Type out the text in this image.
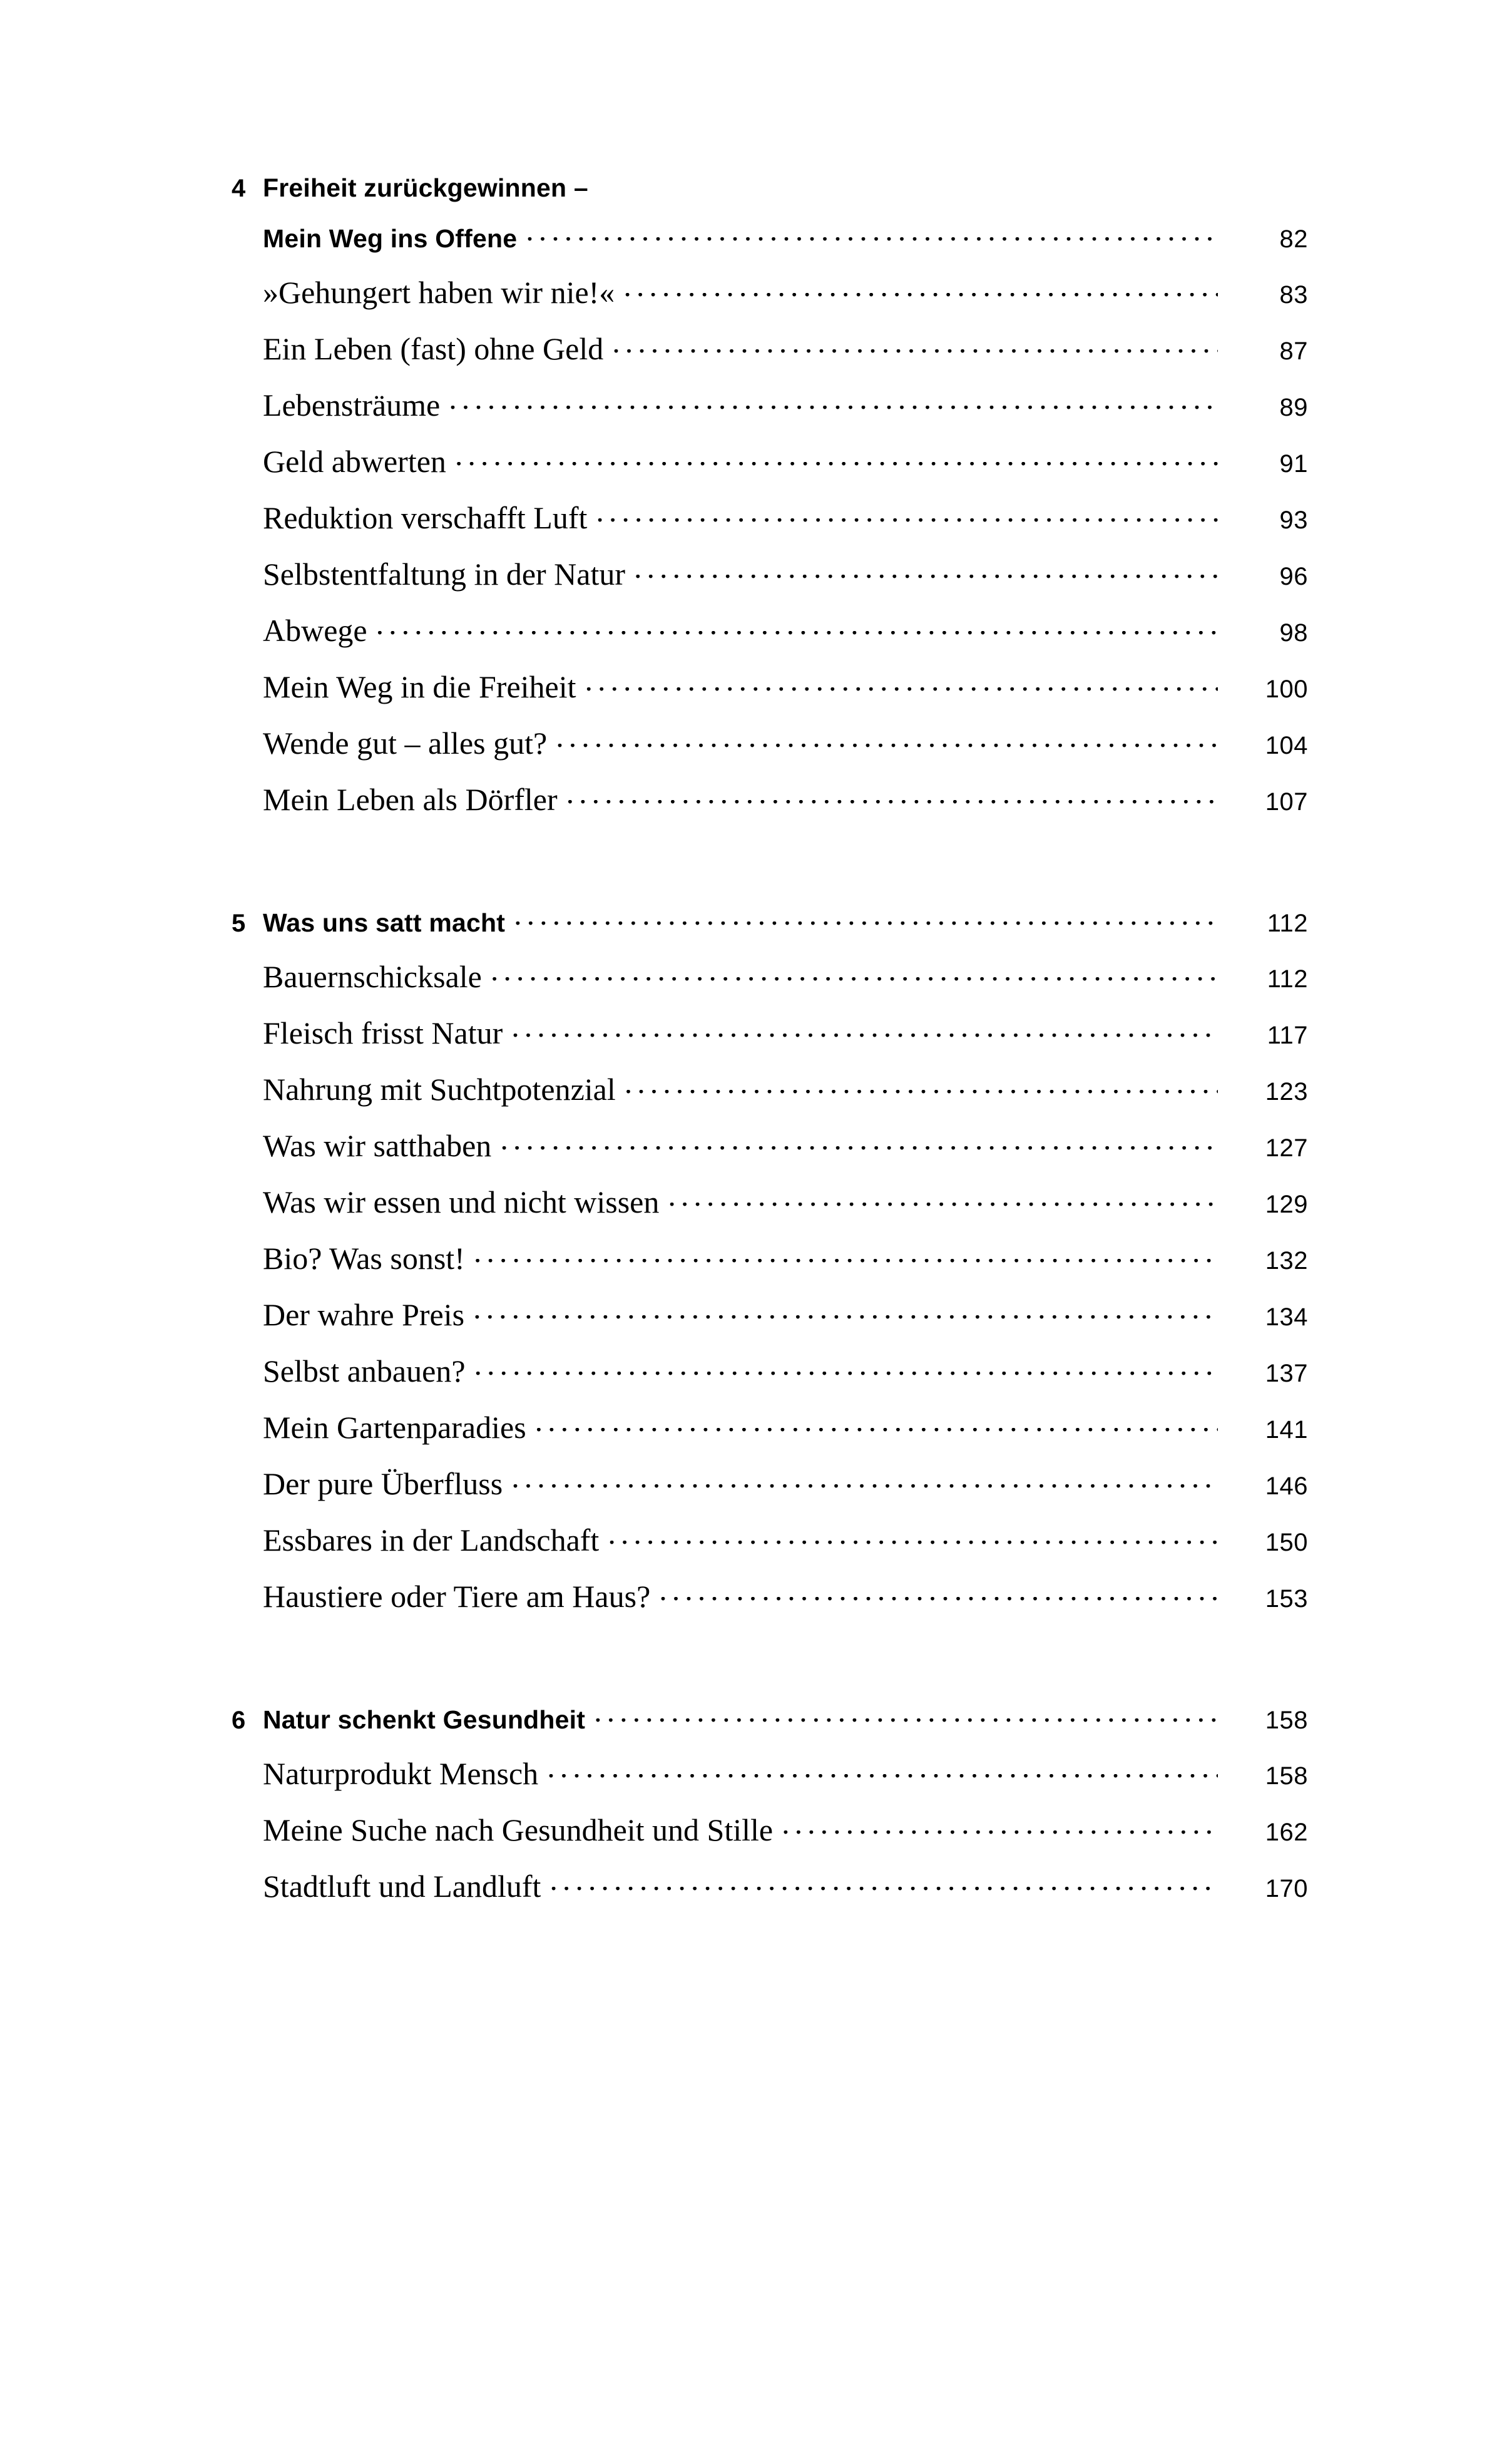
4 Freiheit zurückgewinnen –
Mein Weg ins Offene .....	82
»Gehungert haben wir nie!« .....	83
Ein Leben (fast) ohne Geld .....	87
Lebensträume .....	89
Geld abwerten .....	91
Reduktion verschafft Luft .....	93
Selbstentfaltung in der Natur .....	96
Abwege .....	98
Mein Weg in die Freiheit .....	100
Wende gut – alles gut? .....	104
Mein Leben als Dörfler .....	107
5 Was uns satt macht .....	112
Bauernschicksale .....	112
Fleisch frisst Natur .....	117
Nahrung mit Suchtpotenzial .....	123
Was wir satthaben .....	127
Was wir essen und nicht wissen .....	129
Bio? Was sonst! .....	132
Der wahre Preis .....	134
Selbst anbauen? .....	137
Mein Gartenparadies .....	141
Der pure Überfluss .....	146
Essbares in der Landschaft .....	150
Haustiere oder Tiere am Haus? .....	153
6 Natur schenkt Gesundheit .....	158
Naturprodukt Mensch .....	158
Meine Suche nach Gesundheit und Stille .....	162
Stadtluft und Landluft .....	170
